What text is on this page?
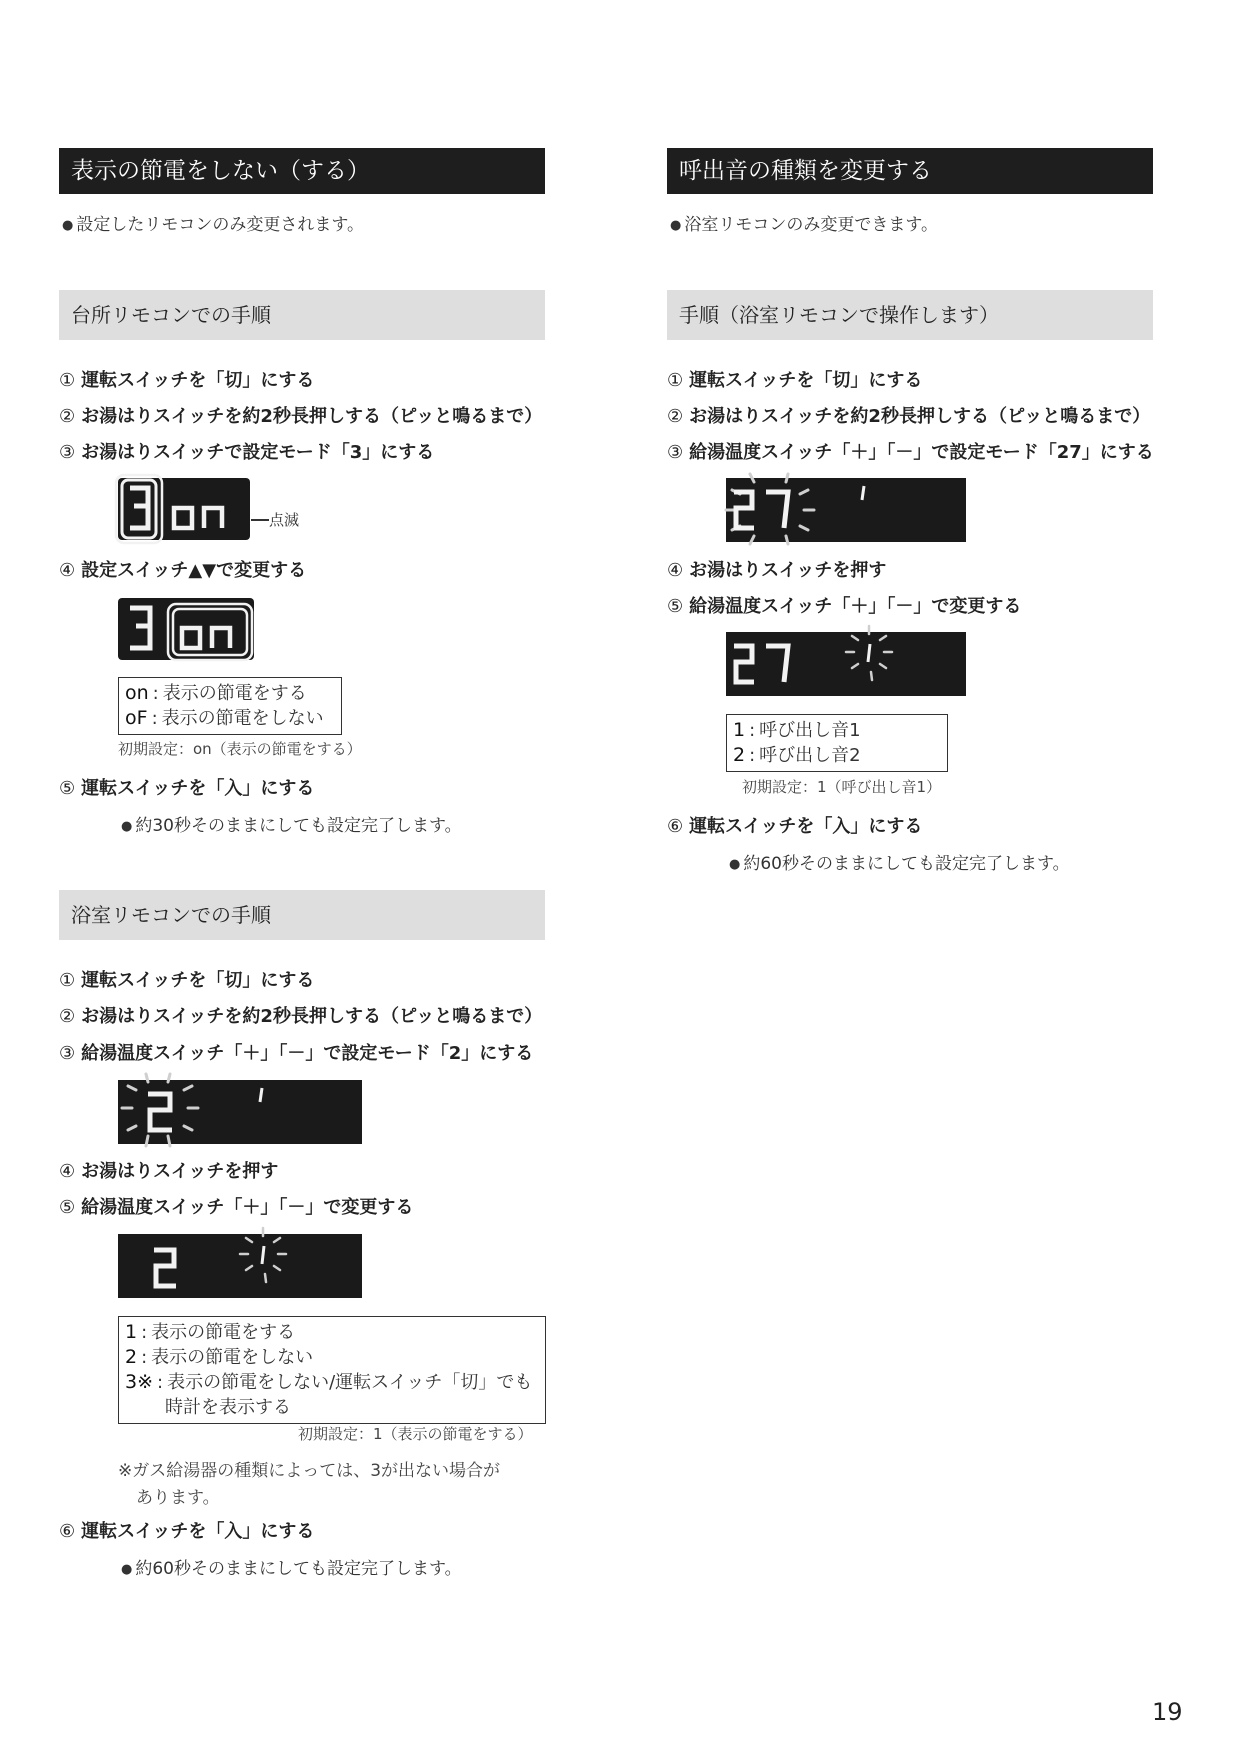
表示の節電をしない（する）
● 設定したリモコンのみ変更されます。
台所リモコンでの手順
① 運転スイッチを「切」にする
② お湯はりスイッチを約2秒長押しする（ピッと鳴るまで）
③ お湯はりスイッチで設定モード「3」にする
点滅
④ 設定スイッチ▲▼で変更する
on : 表示の節電をする
oF : 表示の節電をしない
初期設定：on（表示の節電をする）
⑤ 運転スイッチを「入」にする
● 約30秒そのままにしても設定完了します。
浴室リモコンでの手順
① 運転スイッチを「切」にする
② お湯はりスイッチを約2秒長押しする（ピッと鳴るまで）
③ 給湯温度スイッチ「＋」「－」で設定モード「2」にする
④ お湯はりスイッチを押す
⑤ 給湯温度スイッチ「＋」「－」で変更する
1 : 表示の節電をする
2 : 表示の節電をしない
3※ : 表示の節電をしない/運転スイッチ「切」でも
時計を表示する
初期設定：1（表示の節電をする）
※ガス給湯器の種類によっては、3が出ない場合が
あります。
⑥ 運転スイッチを「入」にする
● 約60秒そのままにしても設定完了します。
呼出音の種類を変更する
● 浴室リモコンのみ変更できます。
手順（浴室リモコンで操作します）
① 運転スイッチを「切」にする
② お湯はりスイッチを約2秒長押しする（ピッと鳴るまで）
③ 給湯温度スイッチ「＋」「－」で設定モード「27」にする
④ お湯はりスイッチを押す
⑤ 給湯温度スイッチ「＋」「－」で変更する
1 : 呼び出し音1
2 : 呼び出し音2
初期設定：1（呼び出し音1）
⑥ 運転スイッチを「入」にする
● 約60秒そのままにしても設定完了します。
19
